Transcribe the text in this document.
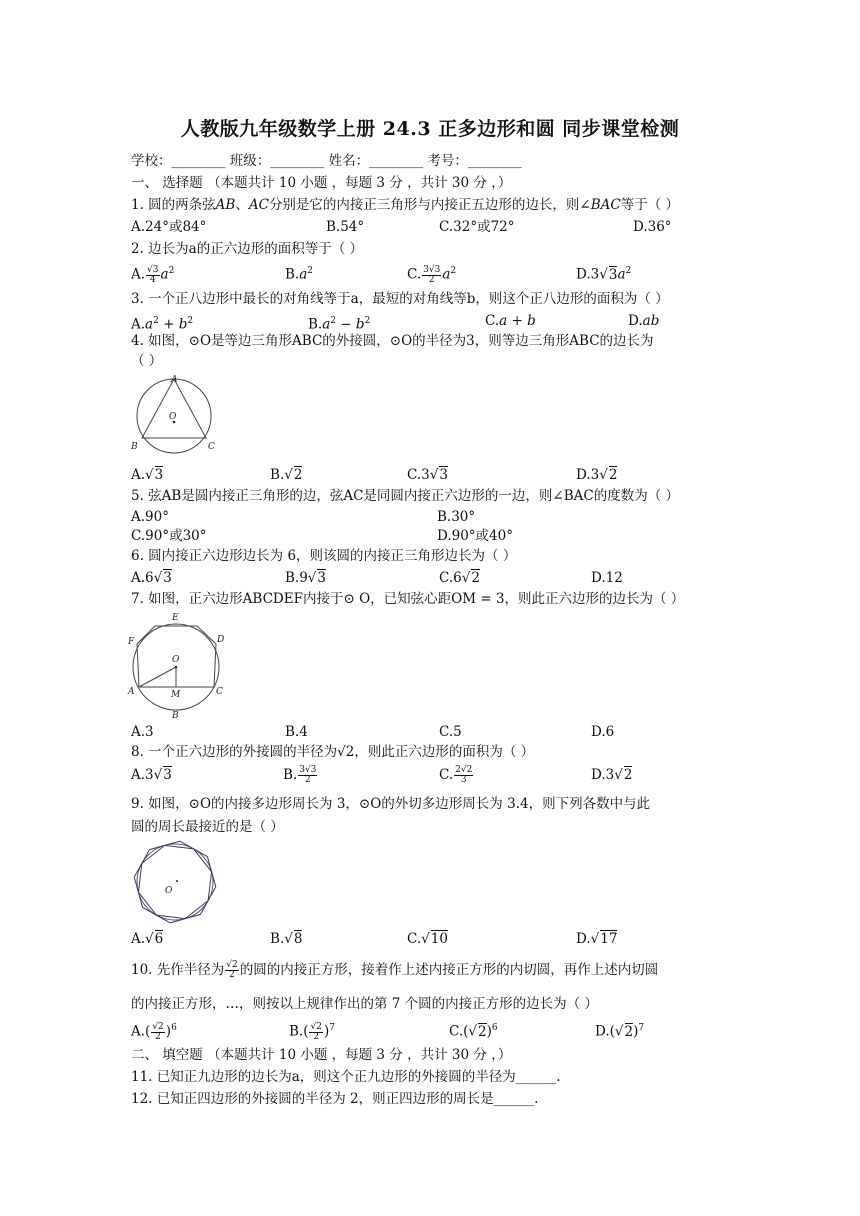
人教版九年级数学上册 24.3 正多边形和圆 同步课堂检测
学校：________ 班级：________ 姓名：________ 考号：________
一、 选择题 （本题共计 10 小题 ，每题 3 分 ，共计 30 分 ，）
1. 圆的两条弦AB、AC分别是它的内接正三角形与内接正五边形的边长，则∠BAC等于（ ）
A.24°或84°	B.54°	C.32°或72°	D.36°
2. 边长为a的正六边形的面积等于（ ）
A. $\frac{√3}{4} a^2$	$B.a^2$	C. $\frac{3√3}{2} a^2$	$D.3√3a^2$
3. 一个正八边形中最长的对角线等于a，最短的对角线等b，则这个正八边形的面积为（ ）
$A.a^2 + b^2$	$B.a^2 - b^2$	C.a + b	D.ab
4. 如图，⊙O是等边三角形ABC的外接圆，⊙O的半径为3，则等边三角形ABC的边长为
（ ）
A
O
B	C
A.√3	B.√2	C.3√3	D.3√2
5. 弦AB是圆内接正三角形的边，弦AC是同圆内接正六边形的一边，则∠BAC的度数为（ ）
A.90°	B.30°
C.90°或30°	D.90°或40°
6. 圆内接正六边形边长为 6，则该圆的内接正三角形边长为（ ）
A.6√3	B.9√3	C.6√2	D.12
7. 如图，正六边形ABCDEF内接于⊙ O，已知弦心距OM = 3，则此正六边形的边长为（ ）
E
F	D
O
A	M	C
B
A.3	B.4	C.5	D.6
8. 一个正六边形的外接圆的半径为√2，则此正六边形的面积为（ ）
A.3√3	B. $\frac{3√3}{2}$	C. $\frac{2√2}{3}$	D.3√2
9. 如图，⊙O的内接多边形周长为 3，⊙O的外切多边形周长为 3.4，则下列各数中与此
圆的周长最接近的是（ ）
O
A.√6	B.√8	C.√10	D.√17
10. 先作半径为 $\frac{√2}{2}$ 的圆的内接正方形，接着作上述内接正方形的内切圆，再作上述内切圆
的内接正方形，…，则按以上规律作出的第 7 个圆的内接正方形的边长为（ ）
$A.( \frac{√2}{2} )^6$	$B.( \frac{√2}{2} )^7$	$C.(√2)^6$	$D.(√2)^7$
二、 填空题 （本题共计 10 小题 ，每题 3 分 ，共计 30 分 ，）
11. 已知正九边形的边长为a，则这个正九边形的外接圆的半径为______.
12. 已知正四边形的外接圆的半径为 2，则正四边形的周长是______.
